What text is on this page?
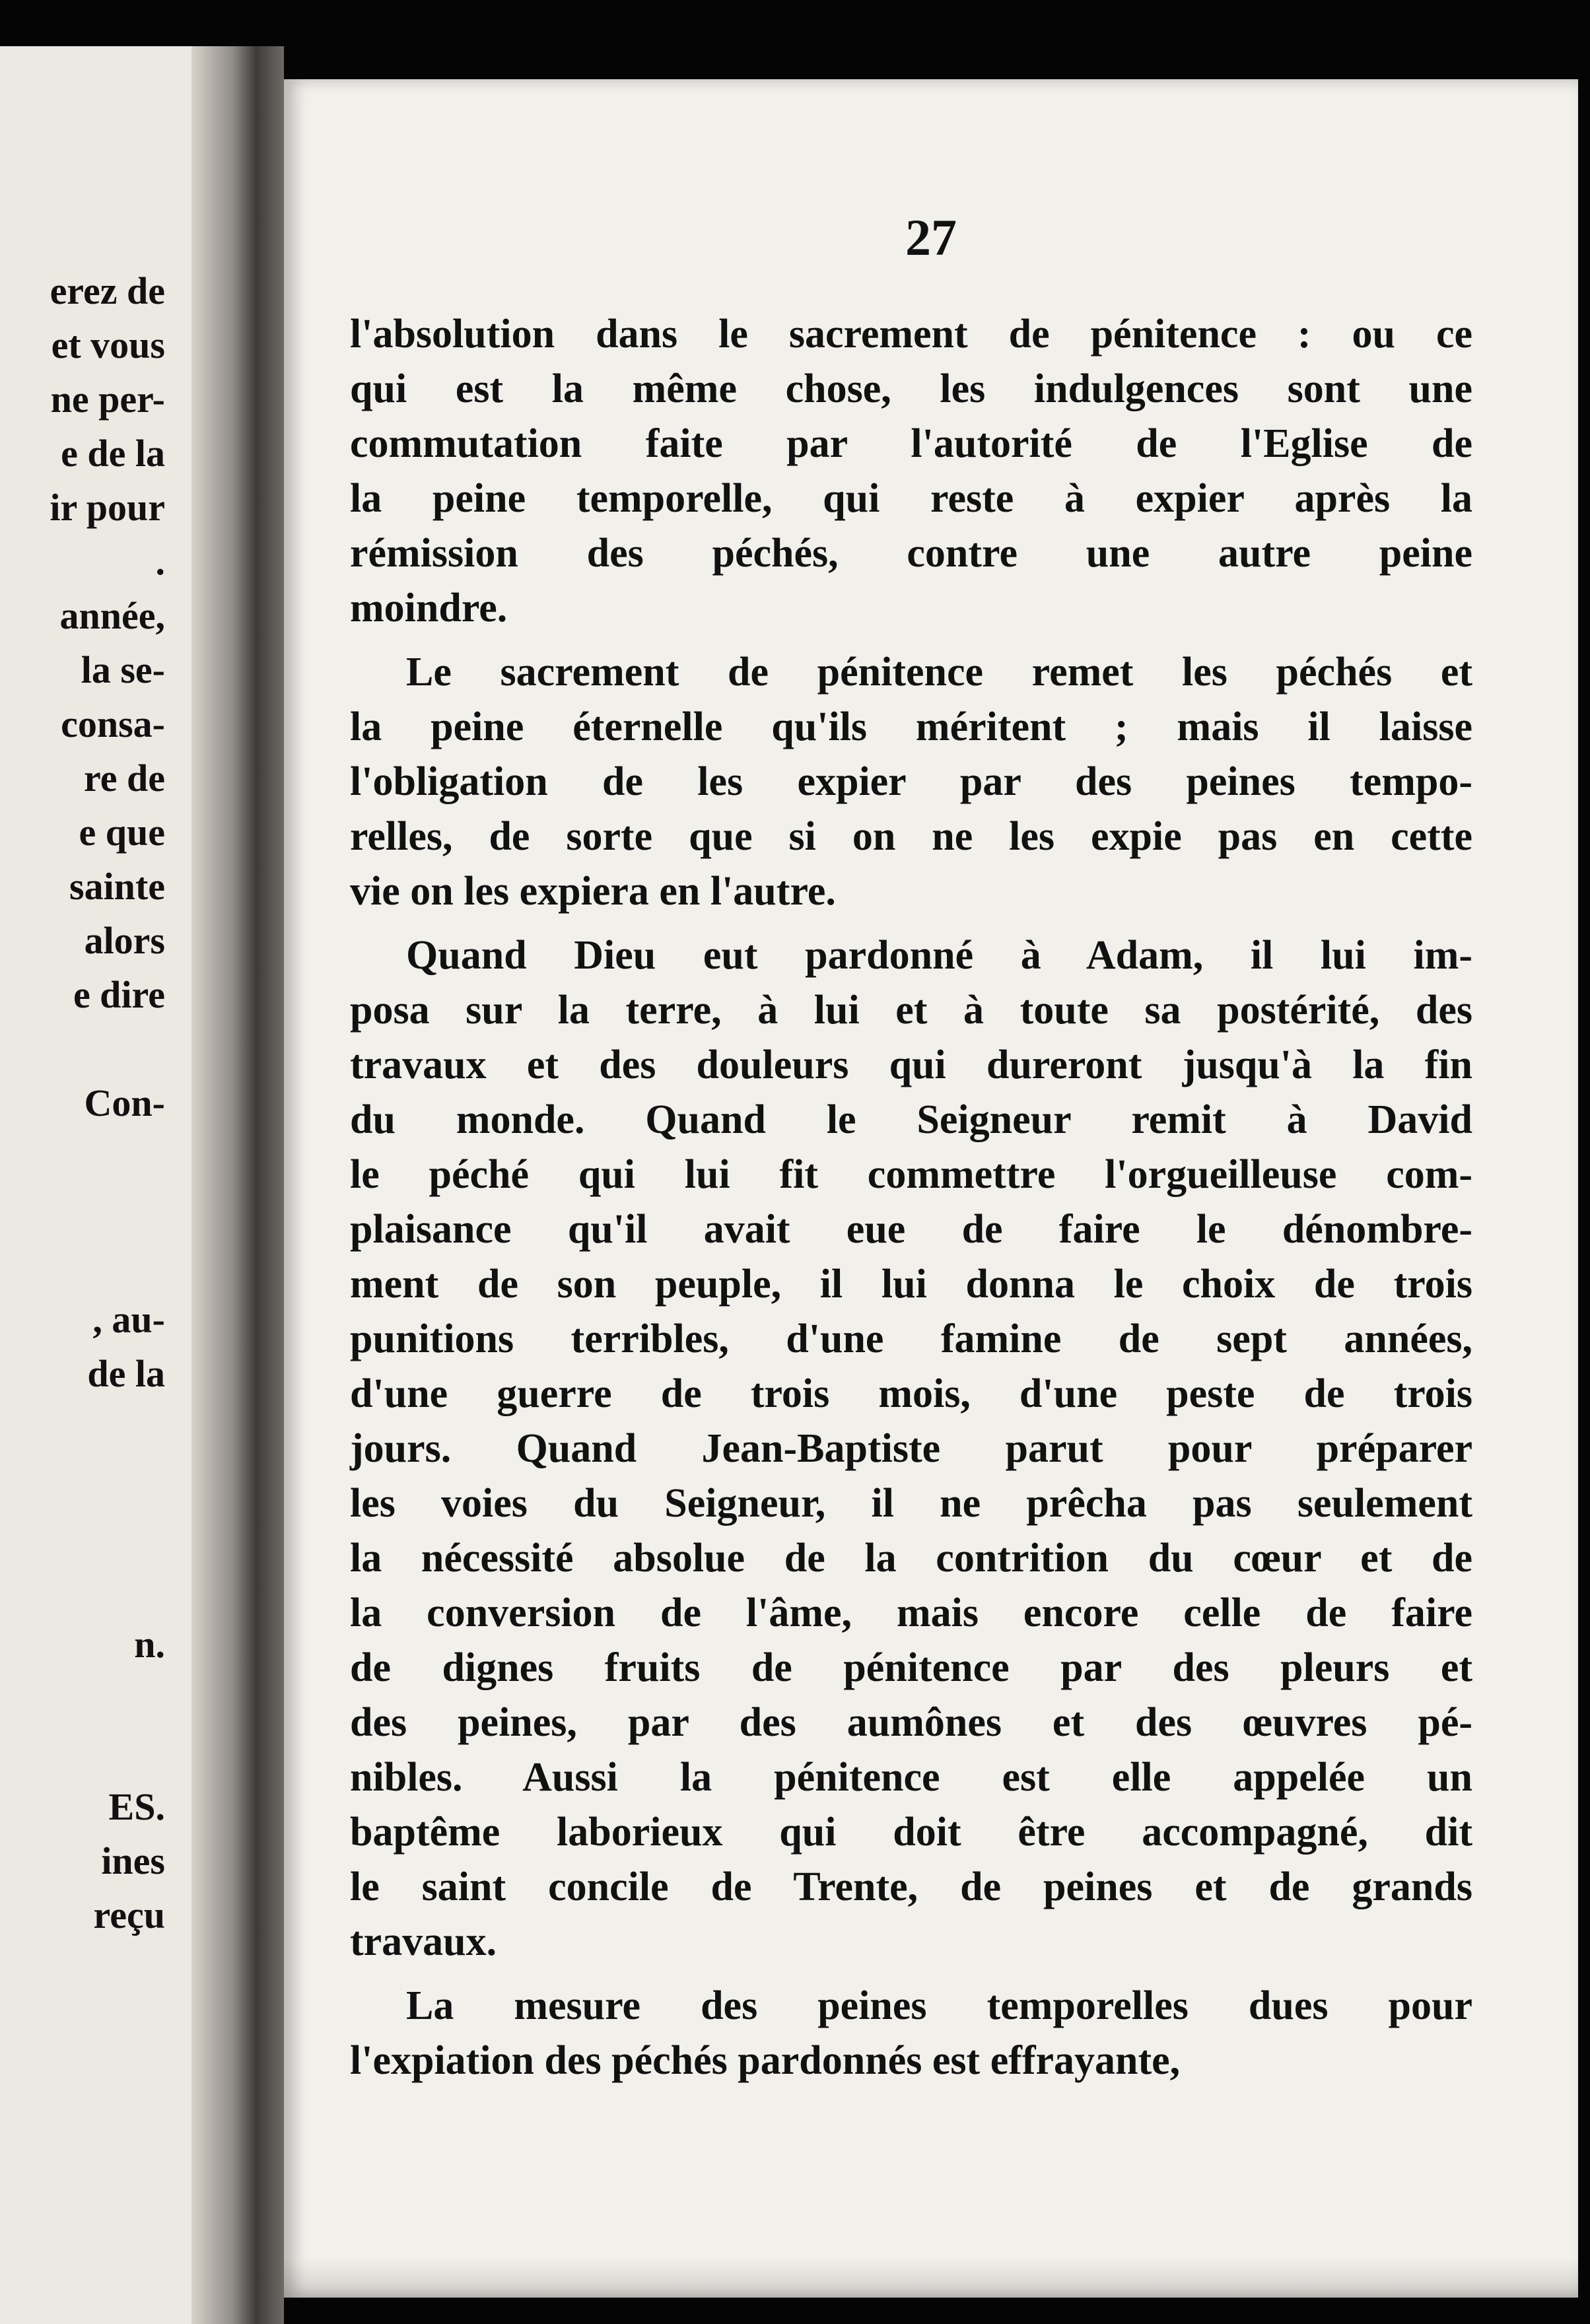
erez de
et vous
ne per-
e de la
ir pour
.
année,
la se-
consa-
re de
e que
sainte
alors
e dire
Con-
, au-
de la
n.
ES.
ines
reçu
27
l'absolution dans le sacrement de pénitence : ou ce
qui est la même chose, les indulgences sont une
commutation faite par l'autorité de l'Eglise de
la peine temporelle, qui reste à expier après la
rémission des péchés, contre une autre peine
moindre.
Le sacrement de pénitence remet les péchés et
la peine éternelle qu'ils méritent ; mais il laisse
l'obligation de les expier par des peines tempo-
relles, de sorte que si on ne les expie pas en cette
vie on les expiera en l'autre.
Quand Dieu eut pardonné à Adam, il lui im-
posa sur la terre, à lui et à toute sa postérité, des
travaux et des douleurs qui dureront jusqu'à la fin
du monde. Quand le Seigneur remit à David
le péché qui lui fit commettre l'orgueilleuse com-
plaisance qu'il avait eue de faire le dénombre-
ment de son peuple, il lui donna le choix de trois
punitions terribles, d'une famine de sept années,
d'une guerre de trois mois, d'une peste de trois
jours. Quand Jean-Baptiste parut pour préparer
les voies du Seigneur, il ne prêcha pas seulement
la nécessité absolue de la contrition du cœur et de
la conversion de l'âme, mais encore celle de faire
de dignes fruits de pénitence par des pleurs et
des peines, par des aumônes et des œuvres pé-
nibles. Aussi la pénitence est elle appelée un
baptême laborieux qui doit être accompagné, dit
le saint concile de Trente, de peines et de grands
travaux.
La mesure des peines temporelles dues pour
l'expiation des péchés pardonnés est effrayante,
